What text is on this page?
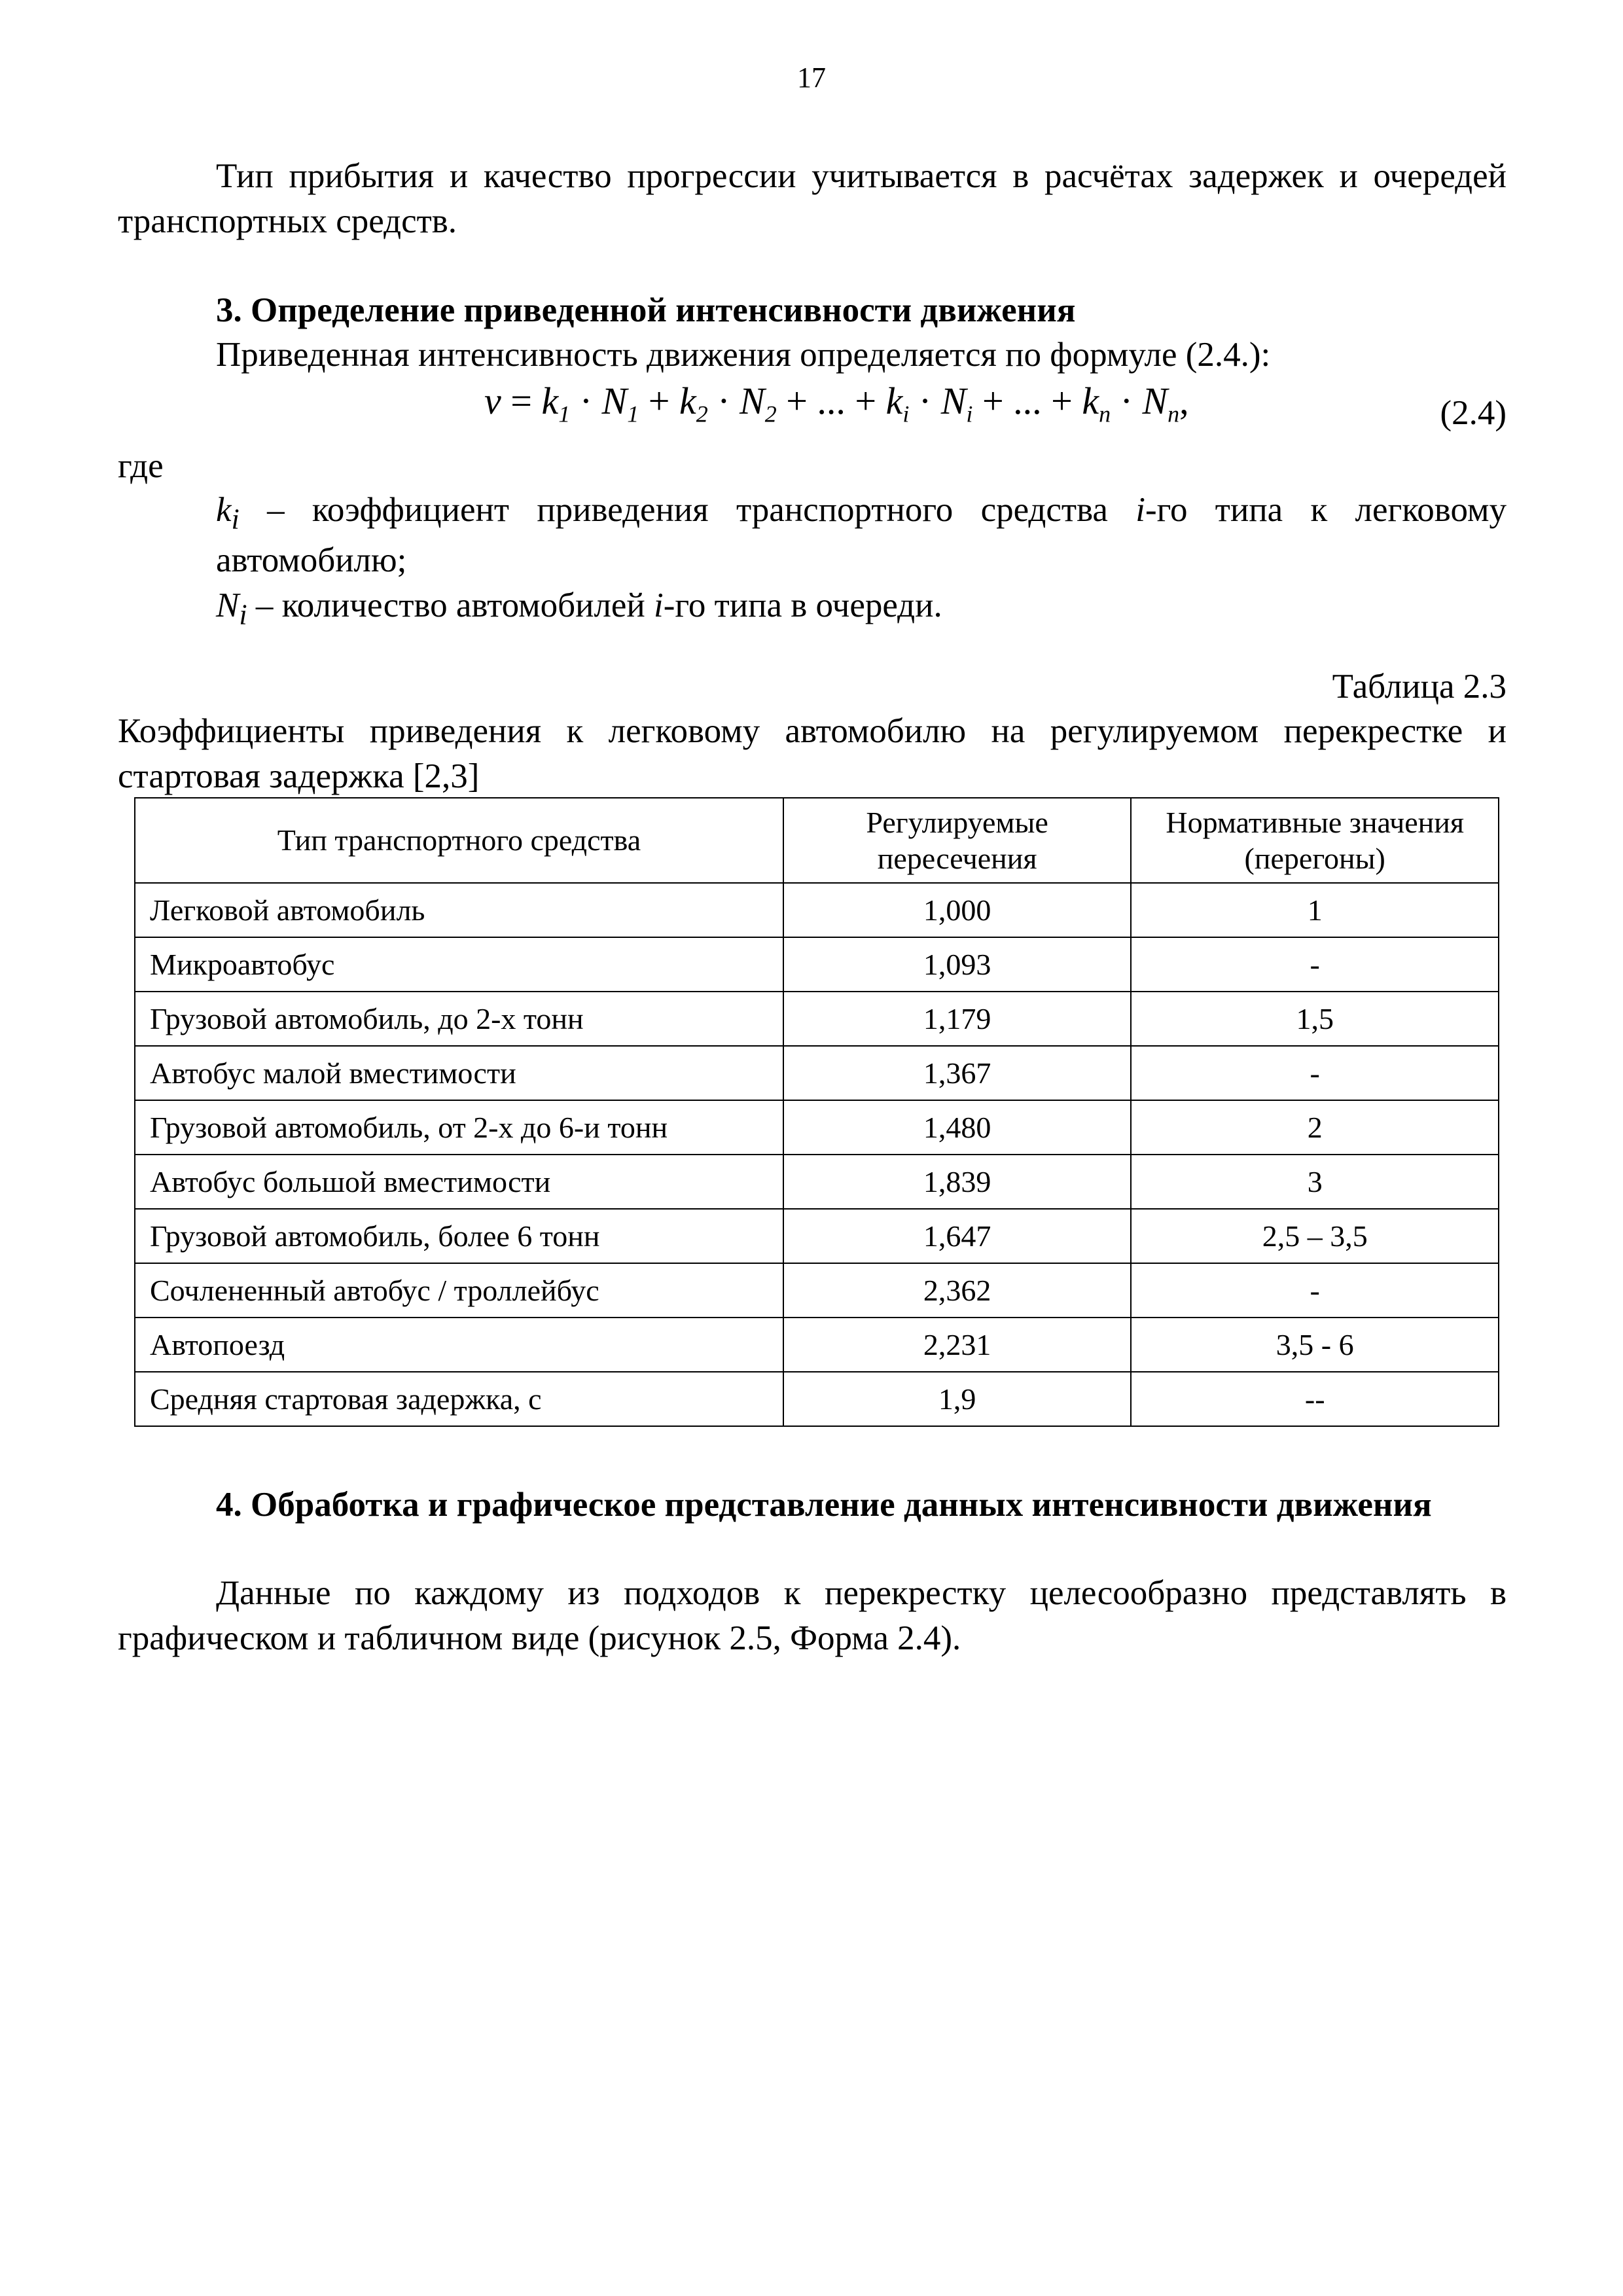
17

Тип прибытия и качество прогрессии учитывается в расчётах задержек и очередей транспортных средств.

3. Определение приведенной интенсивности движения

Приведенная интенсивность движения определяется по формуле (2.4.):

$v = k_1 \cdot N_1 + k_2 \cdot N_2$ + ... + $k_i \cdot N_i$ + ... + $k_n \cdot N_n$,	(2.4)

где

$k_i$ – коэффициент приведения транспортного средства i-го типа к легковому автомобилю;
$N_i$ – количество автомобилей i-го типа в очереди.
Таблица 2.3

Коэффициенты приведения к легковому автомобилю на регулируемом перекрестке и стартовая задержка [2,3]

Тип транспортного средства	Регулируемые пересечения	Нормативные значения (перегоны)
Легковой автомобиль	1,000	1
Микроавтобус	1,093	-
Грузовой автомобиль, до 2-х тонн	1,179	1,5
Автобус малой вместимости	1,367	-
Грузовой автомобиль, от 2-х до 6-и тонн	1,480	2
Автобус большой вместимости	1,839	3
Грузовой автомобиль, более 6 тонн	1,647	2,5 – 3,5
Сочлененный автобус / троллейбус	2,362	-
Автопоезд	2,231	3,5 - 6
Средняя стартовая задержка, с	1,9	--

4. Обработка и графическое представление данных интенсивности движения

Данные по каждому из подходов к перекрестку целесообразно представлять в графическом и табличном виде (рисунок 2.5, Форма 2.4).
